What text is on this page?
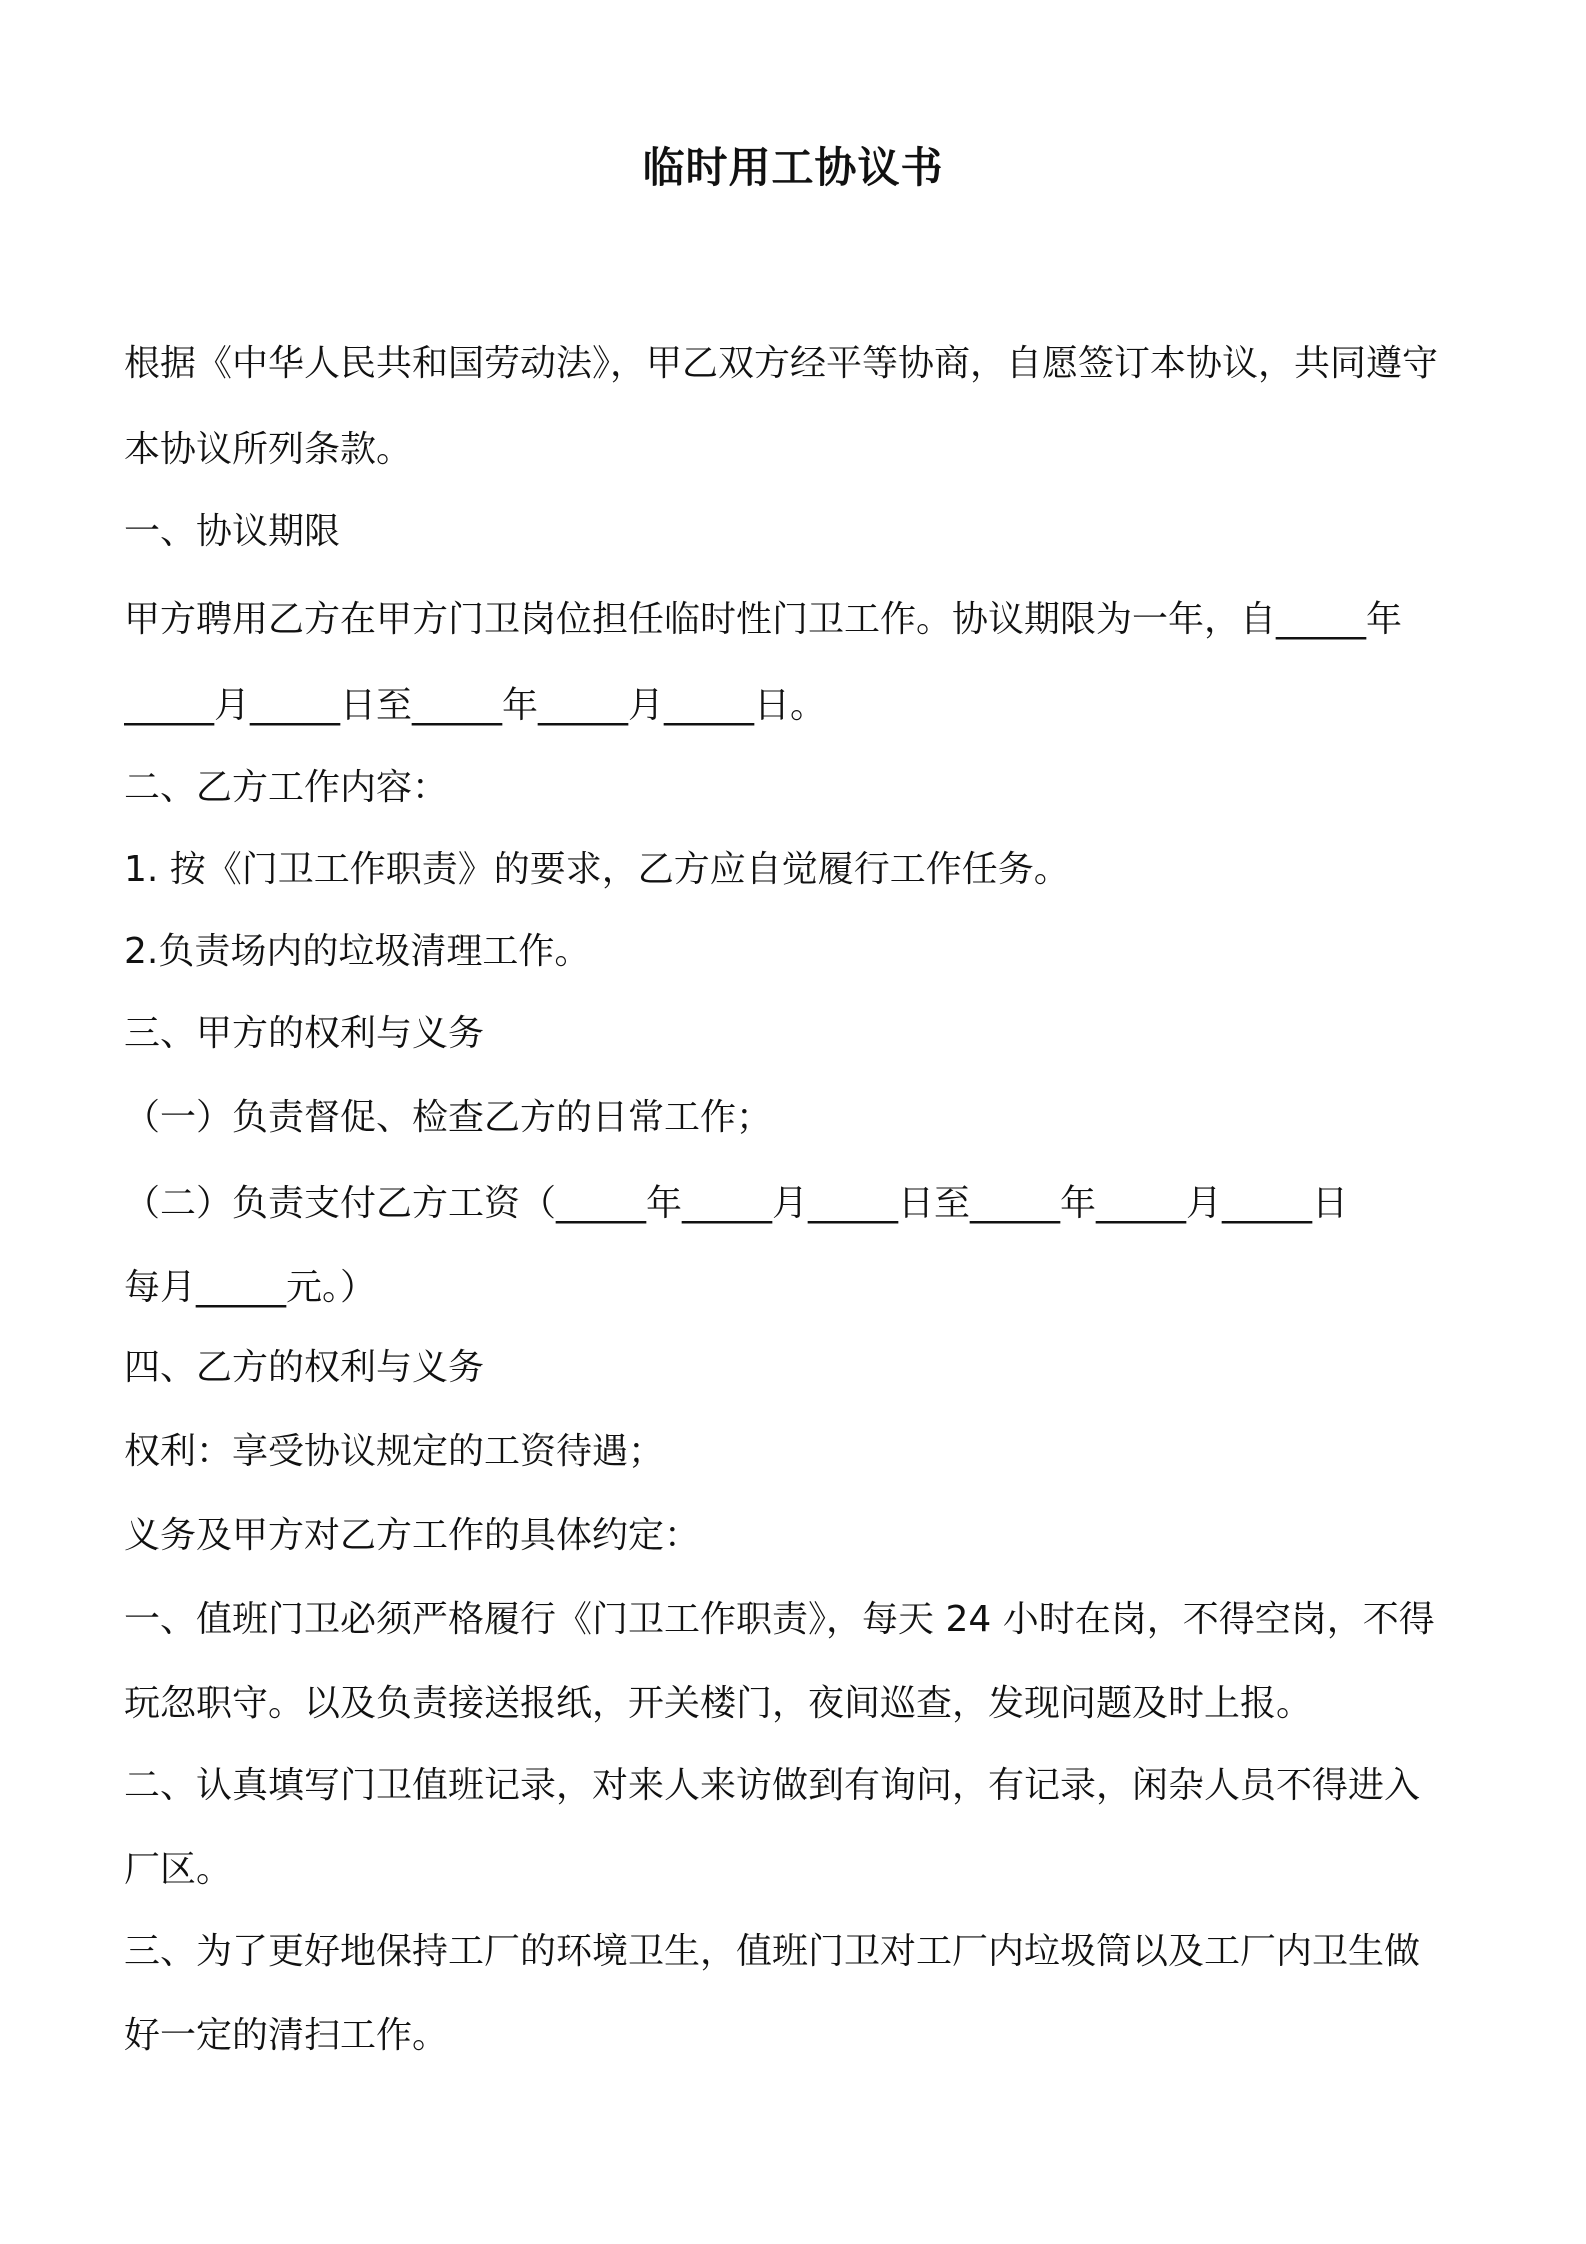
临时用工协议书

根据《中华人民共和国劳动法》，甲乙双方经平等协商，自愿签订本协议，共同遵守

本协议所列条款。

一、协议期限

甲方聘用乙方在甲方门卫岗位担任临时性门卫工作。协议期限为一年，自_____年

_____月_____日至_____年_____月_____日。

二、乙方工作内容：

1. 按《门卫工作职责》的要求，乙方应自觉履行工作任务。

2.负责场内的垃圾清理工作。

三、甲方的权利与义务

（一）负责督促、检查乙方的日常工作；

（二）负责支付乙方工资（_____年_____月_____日至_____年_____月_____日

每月_____元。）

四、乙方的权利与义务

权利：享受协议规定的工资待遇；

义务及甲方对乙方工作的具体约定：

一、值班门卫必须严格履行《门卫工作职责》，每天 24 小时在岗，不得空岗，不得

玩忽职守。以及负责接送报纸，开关楼门，夜间巡查，发现问题及时上报。

二、认真填写门卫值班记录，对来人来访做到有询问，有记录，闲杂人员不得进入

厂区。

三、为了更好地保持工厂的环境卫生，值班门卫对工厂内垃圾筒以及工厂内卫生做

好一定的清扫工作。
